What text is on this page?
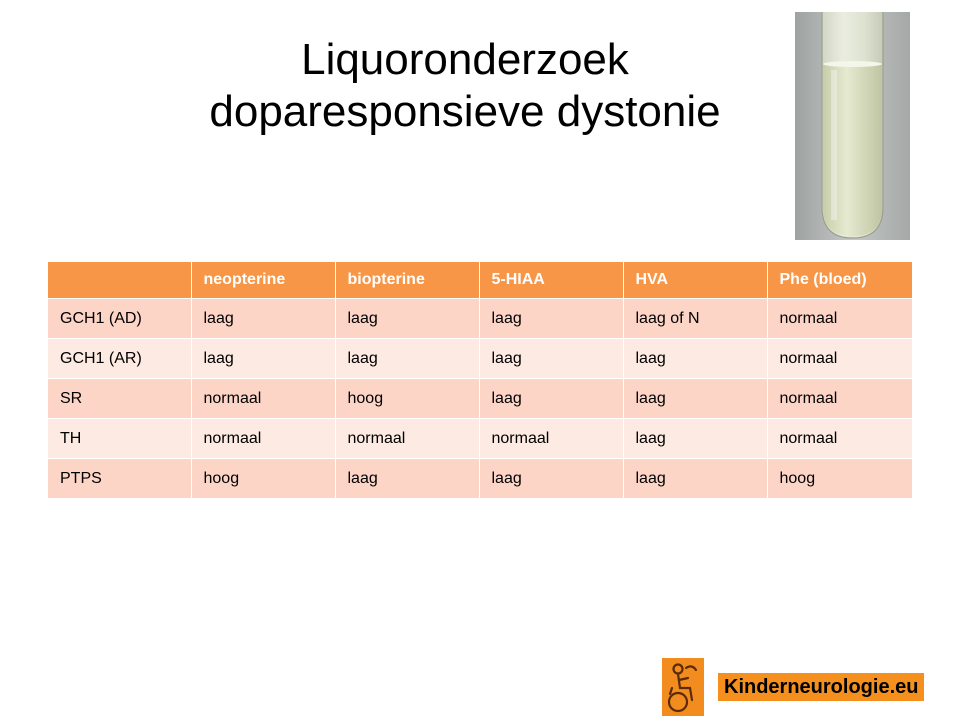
Liquoronderzoek
doparesponsieve dystonie
	neopterine	biopterine	5-HIAA	HVA	Phe (bloed)
GCH1 (AD)	laag	laag	laag	laag of N	normaal
GCH1 (AR)	laag	laag	laag	laag	normaal
SR	normaal	hoog	laag	laag	normaal
TH	normaal	normaal	normaal	laag	normaal
PTPS	hoog	laag	laag	laag	hoog
Kinderneurologie.eu
